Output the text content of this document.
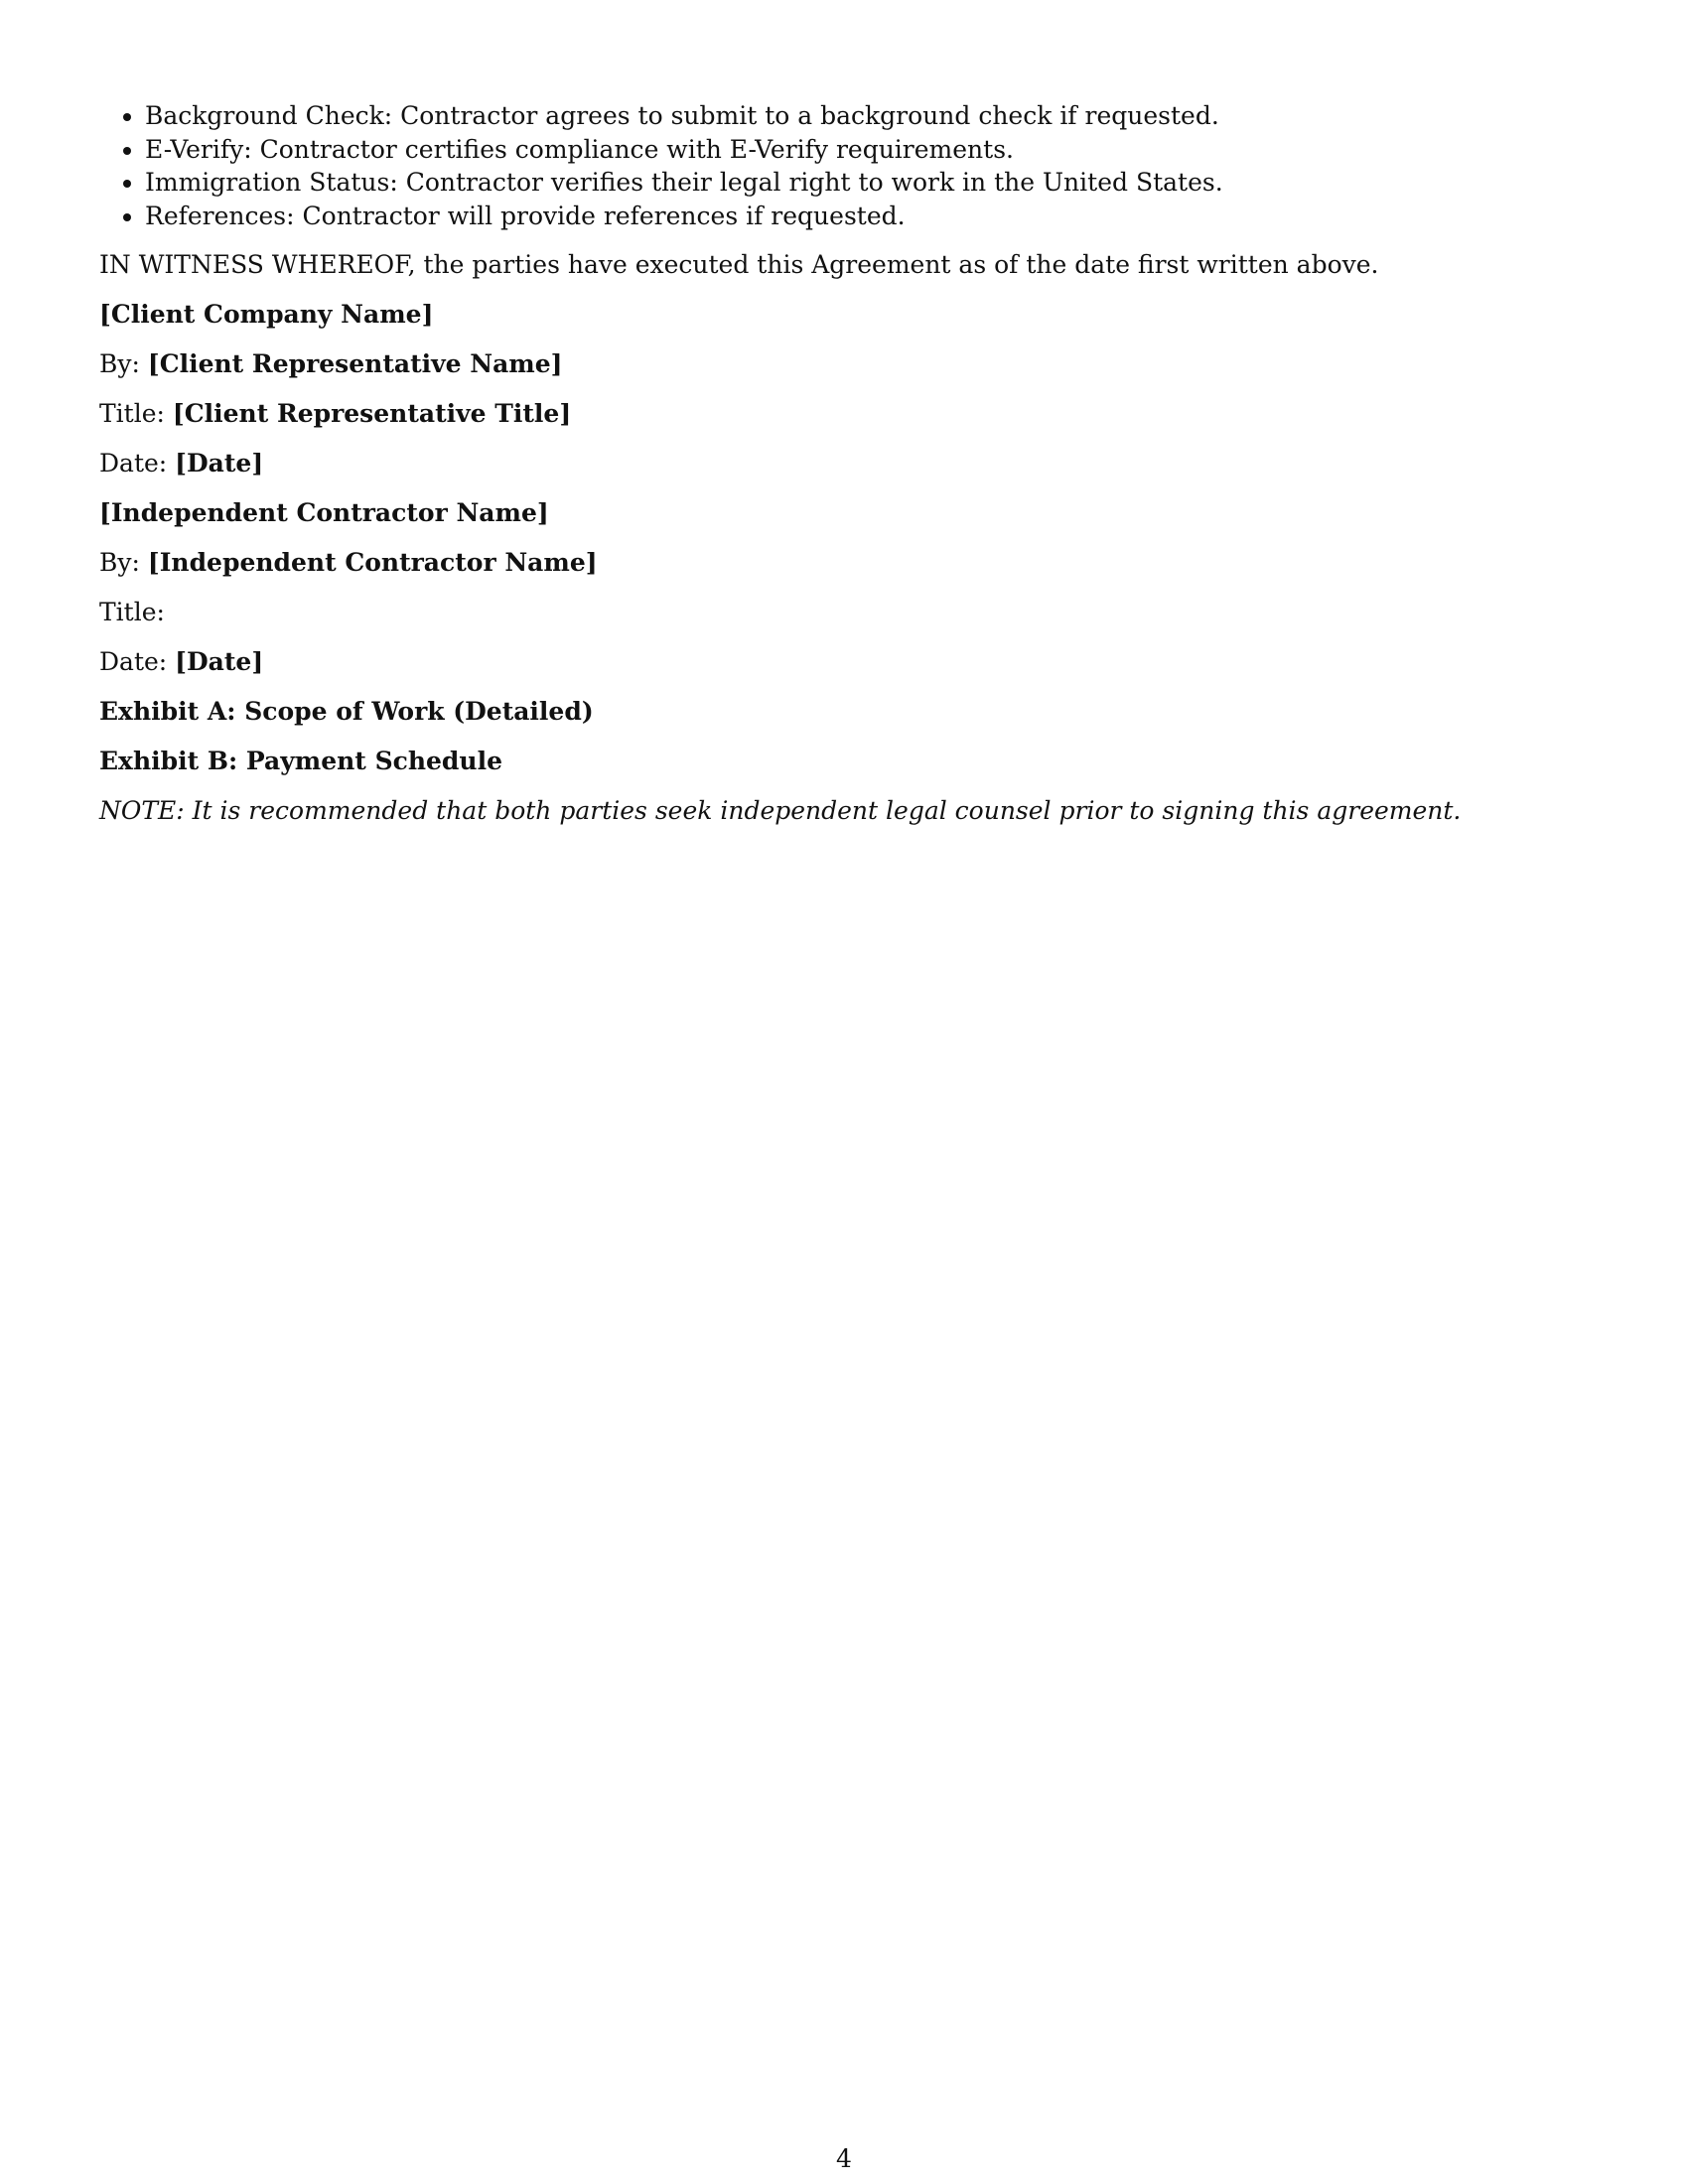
Background Check: Contractor agrees to submit to a background check if requested.
E-Verify: Contractor certifies compliance with E-Verify requirements.
Immigration Status: Contractor verifies their legal right to work in the United States.
References: Contractor will provide references if requested.

IN WITNESS WHEREOF, the parties have executed this Agreement as of the date first written above.

[Client Company Name]

By: [Client Representative Name]

Title: [Client Representative Title]

Date: [Date]

[Independent Contractor Name]

By: [Independent Contractor Name]

Title:

Date: [Date]

Exhibit A: Scope of Work (Detailed)

Exhibit B: Payment Schedule

NOTE: It is recommended that both parties seek independent legal counsel prior to signing this agreement.

4
